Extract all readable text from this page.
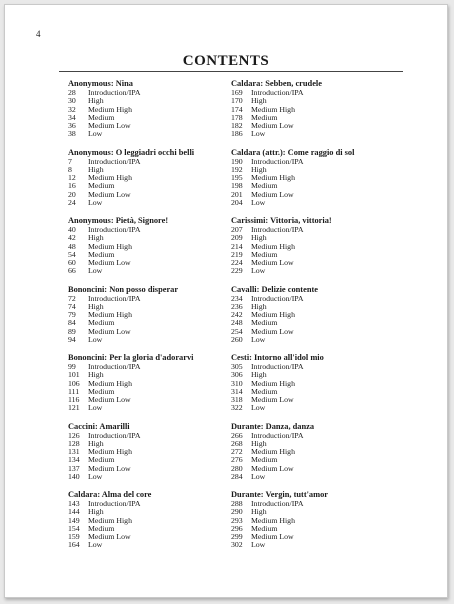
4
CONTENTS
Anonymous: Nina
28	Introduction/IPA
30	High
32	Medium High
34	Medium
36	Medium Low
38	Low
Anonymous: O leggiadri occhi belli
7	Introduction/IPA
8	High
12	Medium High
16	Medium
20	Medium Low
24	Low
Anonymous: Pietà, Signore!
40	Introduction/IPA
42	High
48	Medium High
54	Medium
60	Medium Low
66	Low
Bononcini: Non posso disperar
72	Introduction/IPA
74	High
79	Medium High
84	Medium
89	Medium Low
94	Low
Bononcini: Per la gloria d'adorarvi
99	Introduction/IPA
101	High
106	Medium High
111	Medium
116	Medium Low
121	Low
Caccini: Amarilli
126	Introduction/IPA
128	High
131	Medium High
134	Medium
137	Medium Low
140	Low
Caldara: Alma del core
143	Introduction/IPA
144	High
149	Medium High
154	Medium
159	Medium Low
164	Low
Caldara: Sebben, crudele
169	Introduction/IPA
170	High
174	Medium High
178	Medium
182	Medium Low
186	Low
Caldara (attr.): Come raggio di sol
190	Introduction/IPA
192	High
195	Medium High
198	Medium
201	Medium Low
204	Low
Carissimi: Vittoria, vittoria!
207	Introduction/IPA
209	High
214	Medium High
219	Medium
224	Medium Low
229	Low
Cavalli: Delizie contente
234	Introduction/IPA
236	High
242	Medium High
248	Medium
254	Medium Low
260	Low
Cesti: Intorno all'idol mio
305	Introduction/IPA
306	High
310	Medium High
314	Medium
318	Medium Low
322	Low
Durante: Danza, danza
266	Introduction/IPA
268	High
272	Medium High
276	Medium
280	Medium Low
284	Low
Durante: Vergin, tutt'amor
288	Introduction/IPA
290	High
293	Medium High
296	Medium
299	Medium Low
302	Low
